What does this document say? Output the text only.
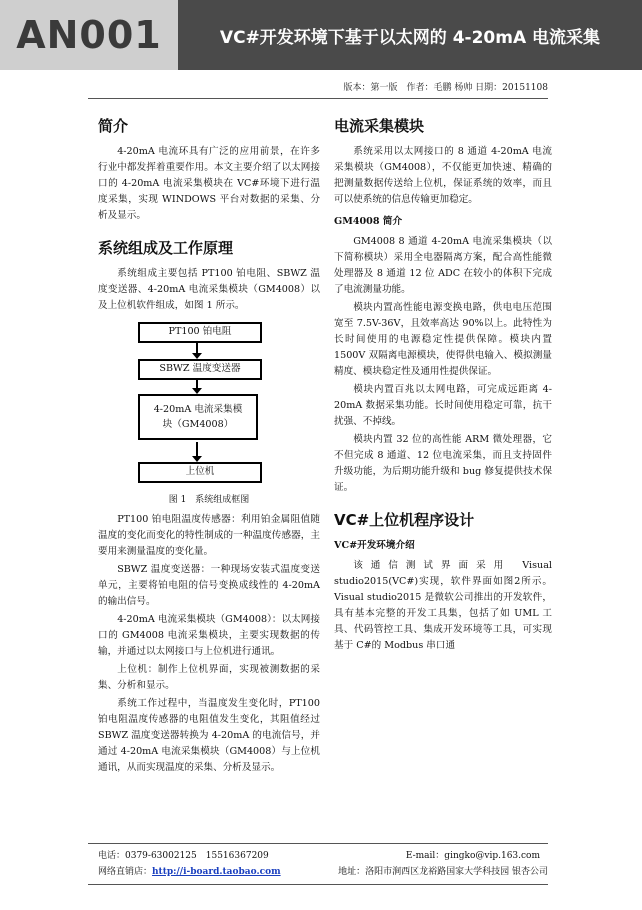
AN001	VC#开发环境下基于以太网的 4-20mA 电流采集
版本：第一版　作者：毛鹏 杨帅 日期：20151108
简介

4-20mA 电流环具有广泛的应用前景，在许多行业中都发挥着重要作用。本文主要介绍了以太网接口的 4-20mA 电流采集模块在 VC#环境下进行温度采集，实现 WINDOWS 平台对数据的采集、分析及显示。

系统组成及工作原理

系统组成主要包括 PT100 铂电阻、SBWZ 温度变送器、4-20mA 电流采集模块（GM4008）以及上位机软件组成，如图 1 所示。

PT100 铂电阻
SBWZ 温度变送器
4-20mA 电流采集模
块（GM4008）
上位机
图 1　系统组成框图

PT100 铂电阻温度传感器：利用铂金属阻值随温度的变化而变化的特性制成的一种温度传感器，主要用来测量温度的变化量。

SBWZ 温度变送器：一种现场安装式温度变送单元，主要将铂电阻的信号变换成线性的 4-20mA 的输出信号。

4-20mA 电流采集模块（GM4008）：以太网接口的 GM4008 电流采集模块，主要实现数据的传输，并通过以太网接口与上位机进行通讯。

上位机：制作上位机界面，实现被测数据的采集、分析和显示。

系统工作过程中，当温度发生变化时，PT100 铂电阻温度传感器的电阻值发生变化，其阻值经过 SBWZ 温度变送器转换为 4-20mA 的电流信号，并通过 4-20mA 电流采集模块（GM4008）与上位机通讯，从而实现温度的采集、分析及显示。

电流采集模块

系统采用以太网接口的 8 通道 4-20mA 电流采集模块（GM4008），不仅能更加快速、精确的把测量数据传送给上位机，保证系统的效率，而且可以使系统的信息传输更加稳定。

GM4008 简介

GM4008 8 通道 4-20mA 电流采集模块（以下简称模块）采用全电器隔离方案，配合高性能微处理器及 8 通道 12 位 ADC 在较小的体积下完成了电流测量功能。

模块内置高性能电源变换电路，供电电压范围宽至 7.5V-36V，且效率高达 90%以上。此特性为长时间使用的电源稳定性提供保障。模块内置 1500V 双隔离电源模块，使得供电输入、模拟测量精度、模块稳定性及通用性提供保证。

模块内置百兆以太网电路，可完成远距离 4-20mA 数据采集功能。长时间使用稳定可靠，抗干扰强、不掉线。

模块内置 32 位的高性能 ARM 微处理器，它不但完成 8 通道、12 位电流采集，而且支持固件升级功能，为后期功能升级和 bug 修复提供技术保证。

VC#上位机程序设计
VC#开发环境介绍

该通信测试界面采用 Visual studio2015(VC#)实现，软件界面如图2所示。Visual studio2015 是微软公司推出的开发软件，具有基本完整的开发工具集，包括了如 UML 工具、代码管控工具、集成开发环境等工具，可实现基于 C#的 Modbus 串口通

电话：0379-63002125　15516367209	E-mail：gingko@vip.163.com
网络直销店：http://i-board.taobao.com	地址：洛阳市涧西区龙裕路国家大学科技园 银杏公司
